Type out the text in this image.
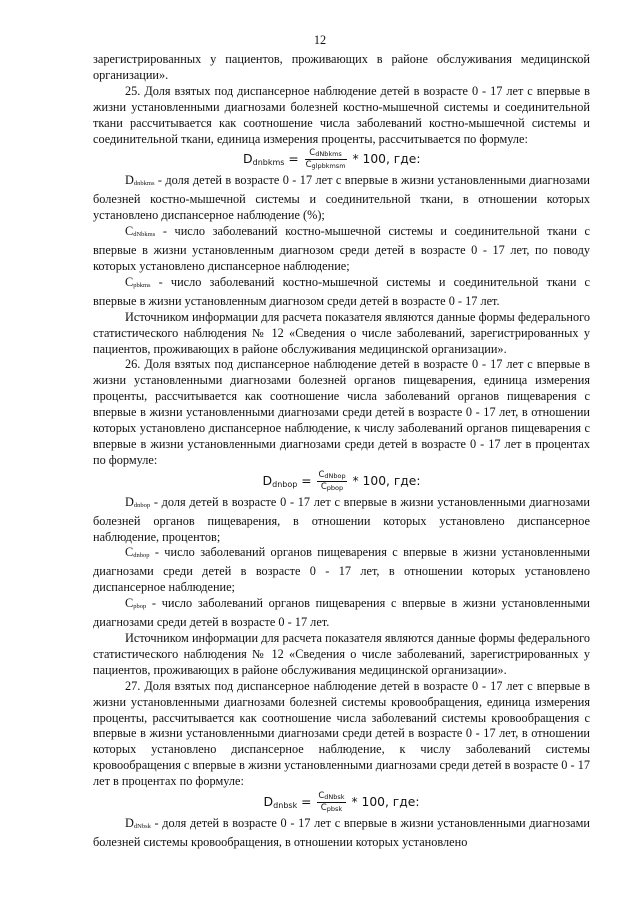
12

зарегистрированных у пациентов, проживающих в районе обслуживания медицинской организации».

25. Доля взятых под диспансерное наблюдение детей в возрасте 0 - 17 лет с впервые в жизни установленными диагнозами болезней костно-мышечной системы и соединительной ткани рассчитывается как соотношение числа заболеваний костно-мышечной системы и соединительной ткани, единица измерения проценты, рассчитывается по формуле:

$D_{dnbkms} = \frac{\text{CdNbkms}}{\text{Cglpbkmsm}} * 100$, где:

Ddnbkms - доля детей в возрасте 0 - 17 лет с впервые в жизни установленными диагнозами болезней костно-мышечной системы и соединительной ткани, в отношении которых установлено диспансерное наблюдение (%);

CdNbkms - число заболеваний костно-мышечной системы и соединительной ткани с впервые в жизни установленным диагнозом среди детей в возрасте 0 - 17 лет, по поводу которых установлено диспансерное наблюдение;

Cpbkms - число заболеваний костно-мышечной системы и соединительной ткани с впервые в жизни установленным диагнозом среди детей в возрасте 0 - 17 лет.

Источником информации для расчета показателя являются данные формы федерального статистического наблюдения № 12 «Сведения о числе заболеваний, зарегистрированных у пациентов, проживающих в районе обслуживания медицинской организации».

26. Доля взятых под диспансерное наблюдение детей в возрасте 0 - 17 лет с впервые в жизни установленными диагнозами болезней органов пищеварения, единица измерения проценты, рассчитывается как соотношение числа заболеваний органов пищеварения с впервые в жизни установленными диагнозами среди детей в возрасте 0 - 17 лет, в отношении которых установлено диспансерное наблюдение, к числу заболеваний органов пищеварения с впервые в жизни установленными диагнозами среди детей в возрасте 0 - 17 лет в процентах по формуле:

$D_{dnbop} = \frac{\text{CdNbop}}{\text{Cpbop}} * 100$, где:

Ddnbop - доля детей в возрасте 0 - 17 лет с впервые в жизни установленными диагнозами болезней органов пищеварения, в отношении которых установлено диспансерное наблюдение, процентов;

Cdnbop - число заболеваний органов пищеварения с впервые в жизни установленными диагнозами среди детей в возрасте 0 - 17 лет, в отношении которых установлено диспансерное наблюдение;

Cpbop - число заболеваний органов пищеварения с впервые в жизни установленными диагнозами среди детей в возрасте 0 - 17 лет.

Источником информации для расчета показателя являются данные формы федерального статистического наблюдения № 12 «Сведения о числе заболеваний, зарегистрированных у пациентов, проживающих в районе обслуживания медицинской организации».

27. Доля взятых под диспансерное наблюдение детей в возрасте 0 - 17 лет с впервые в жизни установленными диагнозами болезней системы кровообращения, единица измерения проценты, рассчитывается как соотношение числа заболеваний системы кровообращения с впервые в жизни установленными диагнозами среди детей в возрасте 0 - 17 лет, в отношении которых установлено диспансерное наблюдение, к числу заболеваний системы кровообращения с впервые в жизни установленными диагнозами среди детей в возрасте 0 - 17 лет в процентах по формуле:

$D_{dnbsk} = \frac{\text{CdNbsk}}{\text{Cpbsk}} * 100$, где:

DdNbsk - доля детей в возрасте 0 - 17 лет с впервые в жизни установленными диагнозами болезней системы кровообращения, в отношении которых установлено
